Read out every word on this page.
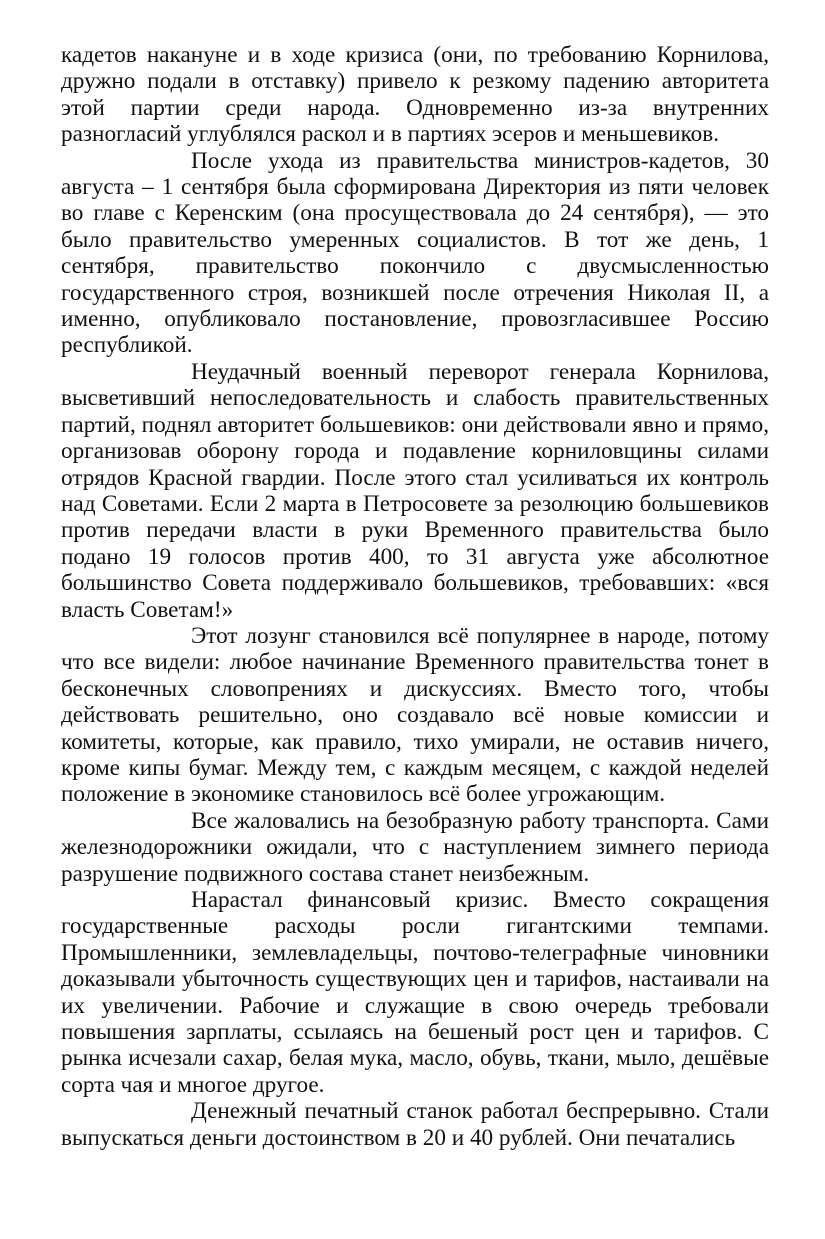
кадетов накануне и в ходе кризиса (они, по требованию Корнилова, дружно подали в отставку) привело к резкому падению авторитета этой партии среди народа. Одновременно из-за внутренних разногласий углублялся раскол и в партиях эсеров и меньшевиков.

После ухода из правительства министров-кадетов, 30 августа – 1 сентября была сформирована Директория из пяти человек во главе с Керенским (она просуществовала до 24 сентября), — это было правительство умеренных социалистов. В тот же день, 1 сентября, правительство покончило с двусмысленностью государственного строя, возникшей после отречения Николая II, а именно, опубликовало постановление, провозгласившее Россию республикой.

Неудачный военный переворот генерала Корнилова, высветивший непоследовательность и слабость правительственных партий, поднял авторитет большевиков: они действовали явно и прямо, организовав оборону города и подавление корниловщины силами отрядов Красной гвардии. После этого стал усиливаться их контроль над Советами. Если 2 марта в Петросовете за резолюцию большевиков против передачи власти в руки Временного правительства было подано 19 голосов против 400, то 31 августа уже абсолютное большинство Совета поддерживало большевиков, требовавших: «вся власть Советам!»

Этот лозунг становился всё популярнее в народе, потому что все видели: любое начинание Временного правительства тонет в бесконечных словопрениях и дискуссиях. Вместо того, чтобы действовать решительно, оно создавало всё новые комиссии и комитеты, которые, как правило, тихо умирали, не оставив ничего, кроме кипы бумаг. Между тем, с каждым месяцем, с каждой неделей положение в экономике становилось всё более угрожающим.

Все жаловались на безобразную работу транспорта. Сами железнодорожники ожидали, что с наступлением зимнего периода разрушение подвижного состава станет неизбежным.

Нарастал финансовый кризис. Вместо сокращения государственные расходы росли гигантскими темпами. Промышленники, землевладельцы, почтово-телеграфные чиновники доказывали убыточность существующих цен и тарифов, настаивали на их увеличении. Рабочие и служащие в свою очередь требовали повышения зарплаты, ссылаясь на бешеный рост цен и тарифов. С рынка исчезали сахар, белая мука, масло, обувь, ткани, мыло, дешёвые сорта чая и многое другое.

Денежный печатный станок работал беспрерывно. Стали выпускаться деньги достоинством в 20 и 40 рублей. Они печатались
